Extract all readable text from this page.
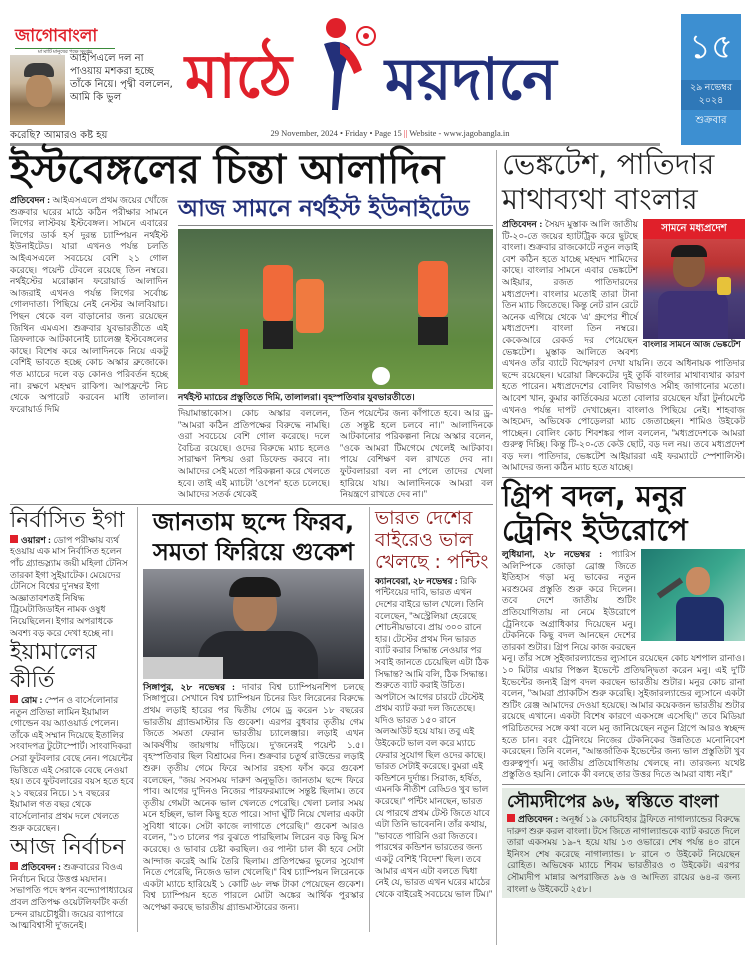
জাগোবাংলা
মা মাটি মানুষের পক্ষে সংবাদ
আইপিএলে দল না পাওয়ায় মশকরা হচ্ছে তাঁকে নিয়ে। পৃথ্বী বললেন, আমি কি ভুল
করেছি? আমারও কষ্ট হয়
মাঠে ময়দানে
29 November, 2024 • Friday • Page 15 || Website - www.jagobangla.in
১৫
২৯ নভেম্বর ২০২৪
শুক্রবার
ইস্টবেঙ্গলের চিন্তা আলাদিন
প্রতিবেদন : আইএসএলে প্রথম জয়ের খোঁজে শুক্রবার ঘরের মাঠে কঠিন পরীক্ষার সামনে লিগের লাস্টবয় ইস্টবেঙ্গল। সামনে এবারের লিগের ডার্ক হর্স দুরন্ত চ্যাম্পিয়ন নর্থইস্ট ইউনাইটেড। যারা এখনও পর্যন্ত চলতি আইএসএলে সবচেয়ে বেশি ২১ গোল করেছে। পয়েন্ট টেবলে রয়েছে তিন নম্বরে। নর্থইস্টের মরোক্কান ফরোয়ার্ড আলাদিন আজরাই এখনও পর্যন্ত লিগের সর্বোচ্চ গোলদাতা। পিছিয়ে নেই নেস্টর আলবিয়াচ। পিছন থেকে বল বাড়ানোর জন্য রয়েছেন জিথিন এমএস। শুক্রবার যুবভারতীতে এই ত্রিফলাকে আটকানোই চ্যালেঞ্জ ইস্টবেঙ্গলের কাছে। বিশেষ করে আলাদিনকে নিয়ে একটু বেশিই ভাবতে হচ্ছে কোচ অস্কার ব্রুজোকে। গত ম্যাচের দলে বড় কোনও পরিবর্তন হচ্ছে না। রক্ষণে মহম্মদ রাকিপ। আপফ্রন্টে নিচ থেকে অপারেট করবেন মাধি তালাল। ফরোয়ার্ড দিমি
আজ সামনে নর্থইস্ট ইউনাইটেড
নর্থইস্ট ম্যাচের প্রস্তুতিতে দিমি, তালালরা। বৃহস্পতিবার যুবভারতীতে।
দিয়ামান্তাকোস। কোচ অস্কার বললেন, ''আমরা কঠিন প্রতিপক্ষের বিরুদ্ধে নামছি। ওরা সবচেয়ে বেশি গোল করেছে। দলে বৈচিত্র রয়েছে। ওদের বিরুদ্ধে ম্যাচ হলেও সারাক্ষণ নিশ্চয় ওরা ডিফেন্ড করবে না। আমাদের সেই মতো পরিকল্পনা করে খেলতে হবে। তাই এই ম্যাচটা 'ওপেন' হতে চলেছে। আমাদের সতর্ক থেকেই
তিন পয়েন্টের জন্য কাঁপাতে হবে। আর ড্র-তে সন্তুষ্ট হলে চলবে না।'' আলাদিনকে আটকানোর পরিকল্পনা নিয়ে অস্কার বলেন, ''ওকে আমরা টিমগেমে খেলেই আটকাব। পায়ে বেশিক্ষণ বল রাখতে দেব না। ফুটবলাররা বল না পেলে তাদের খেলা হারিয়ে যায়। আলাদিনকে আমরা বল নিয়ন্ত্রণে রাখতে দেব না।''
নির্বাসিত ইগা
ওয়ারশ : ডোপ পরীক্ষায় ব্যর্থ হওয়ায় এক মাস নির্বাসিত হলেন পাঁচ গ্র্যান্ডস্ল্যাম জয়ী মহিলা টেনিস তারকা ইগা সুইয়াটেক। মেয়েদের টেনিসে বিশ্বের দু'নম্বর ইগা অজ্ঞাতাবশতই নিষিদ্ধ ট্রিমেটাজিডাইন নামক ওষুধ নিয়েছিলেন। ইগার অপরাধকে অবশ্য বড় করে দেখা হচ্ছে না।
ইয়ামালের কীর্তি
রোম : স্পেন ও বার্সেলোনার নতুন প্রতিভা লামিন ইয়ামাল গোল্ডেন বয় অ্যাওয়ার্ড পেলেন। তাঁকে এই সম্মান দিয়েছে ইতালির সংবাদপত্র টুটোস্পোর্ট। সাংবাদিকরা সেরা ফুটবলার বেছে নেন। পয়েন্টের ভিত্তিতে এই সেরাকে বেছে নেওয়া হয়। তবে ফুটবলারের বয়স হতে হবে ২১ বছরের নিচে। ১৭ বছরের ইয়ামাল গত বছর থেকে বার্সেলোনার প্রথম দলে খেলতে শুরু করেছেন।
আজ নির্বাচন
প্রতিবেদন : শুক্রবারের বিওএ নির্বাচন ঘিরে উত্তপ্ত ময়দান। সভাপতি পদে স্বপন বন্দ্যোপাধ্যায়ের প্রবল প্রতিপক্ষ ওয়েটলিফটিং কর্তা চন্দন রায়চৌধুরী। জয়ের ব্যাপারে আত্মবিশ্বাসী দু'জনেই।
জানতাম ছন্দে ফিরব, সমতা ফিরিয়ে গুকেশ
সিঙ্গাপুর, ২৮ নভেম্বর : দাবার বিশ্ব চ্যাম্পিয়নশিপ চলছে সিঙ্গাপুরে। সেখানে বিশ্ব চ্যাম্পিয়ন চিনের ডিং লিরেনের বিরুদ্ধে প্রথম লড়াই হারের পর দ্বিতীয় গেমে ড্র করেন ১৮ বছরের ভারতীয় গ্র্যান্ডমাস্টার ডি গুকেশ। এরপর বুধবার তৃতীয় গেম জিতে সমতা ফেরান ভারতীয় চ্যালেঞ্জার। লড়াই এখন আকর্ষণীয় জায়গায় দাঁড়িয়ে। দু'জনেরই পয়েন্ট ১.৫। বৃহস্পতিবার ছিল বিশ্রামের দিন। শুক্রবার চতুর্থ রাউন্ডের লড়াই শুরু। তৃতীয় গেমে ফিরে আসার রহস্য ফাঁস করে গুকেশ বলেছেন, ''জয় সবসময় দারুণ অনুভূতি। জানতাম ছন্দে ফিরে পাব। আগের দু'দিনও নিজের পারফরম্যান্সে সন্তুষ্ট ছিলাম। তবে তৃতীয় গেমটা অনেক ভাল খেলতে পেরেছি। খেলা চলার সময় মনে হচ্ছিল, ভাল কিছু হতে পারে। সাদা ঘুঁটি নিয়ে খেলার একটা সুবিধা থাকে। সেটা কাজে লাগাতে পেরেছি।'' গুকেশ আরও বলেন, ''১৩ চালের পর বুঝতে পারছিলাম লিরেন বড় কিছু মিস করেছে। ও ভাবার চেষ্টা করছিল। ওর পাল্টা চাল কী হবে সেটা আন্দাজ করেই আমি তৈরি ছিলাম। প্রতিপক্ষের ভুলের সুযোগ নিতে পেরেছি, নিজেও ভাল খেলেছি।'' বিশ্ব চ্যাম্পিয়ন লিরেনকে একটা ম্যাচে হারিয়েই ১ কোটি ৬৮ লক্ষ টাকা পেয়েছেন গুকেশ। বিশ্ব চ্যাম্পিয়ন হতে পারলে মোটা অঙ্কের আর্থিক পুরস্কার অপেক্ষা করছে ভারতীয় গ্র্যান্ডমাস্টারের জন্য।
ভারত দেশের বাইরেও ভাল খেলছে : পন্টিং
ক্যানবেরা, ২৮ নভেম্বর : রিকি পন্টিংয়ের দাবি, ভারত এখন দেশের বাইরে ভাল খেলে। তিনি বলেছেন, ''অস্ট্রেলিয়া হেরেছে শোচনীয়ভাবে। প্রায় ৩০০ রানে হার। টেস্টের প্রথম দিন ভারত ব্যাট করার সিদ্ধান্ত নেওয়ার পর সবাই জানতে চেয়েছিল এটা ঠিক সিদ্ধান্ত? আমি বলি, ঠিক সিদ্ধান্ত। শুরুতে ব্যাট করাই উচিত। অপটাসে আগের চারটে টেস্টেই প্রথম ব্যাট করা দল জিতেছে। যদিও ভারত ১৫০ রানে অলআউট হয়ে যায়। তবু এই উইকেটে ভাল বল করে ম্যাচে ফেরার সুযোগ ছিল ওদের কাছে। ভারত সেটাই করেছে। বুমরা এই কন্ডিশনে দুর্দান্ত। সিরাজ, হর্ষিত, এমনকি নীতীশ রেড্ডিও খুব ভাল করেছে।'' পন্টিং মানছেন, ভারত যে পারথে প্রথম টেস্ট জিতে যাবে এটা তিনি ভাবেননি। তাঁর কথায়, ''ভাবতে পারিনি ওরা জিতবে। পারথের কন্ডিশন ভারতের জন্য একটু বেশিই 'বিদেশ' ছিল। তবে আমার এখন এটা বলতে দ্বিধা নেই যে, ভারত এখন ঘরের মাঠের থেকে বাইরেই সবচেয়ে ভাল টিম।''
ভেঙ্কটেশ, পাতিদার মাথাব্যথা বাংলার
সামনে মধ্যপ্রদেশ
বাংলার সামনে আজ ভেঙ্কটেশ
প্রতিবেদন : সৈয়দ মুস্তাক আলি জাতীয় টি-২০-তে জয়ের হ্যাটট্রিক করে ছুটছে বাংলা। শুক্রবার রাজকোটে নতুন লড়াই বেশ কঠিন হতে যাচ্ছে মহম্মদ শামিদের কাছে। বাংলার সামনে এবার ভেঙ্কটেশ আইয়ার, রজত পাতিদারদের মধ্যপ্রদেশ। বাংলার মতোই তারা টানা তিন ম্যাচ জিতেছে। কিন্তু নেট রান রেটে অনেক এগিয়ে থেকে 'এ' গ্রুপের শীর্ষে মধ্যপ্রদেশ। বাংলা তিন নম্বরে। কেকেআরে রেকর্ড দর পেয়েছেন ভেঙ্কটেশ। মুস্তাক আলিতে অবশ্য এখনও তাঁর ব্যাটে বিস্ফোরণ দেখা যায়নি। তবে অধিনায়ক পাতিদার ছন্দে রয়েছেন। ঘরোয়া ক্রিকেটের দুই তুর্কি বাংলার মাথাব্যথার কারণ হতে পারেন। মধ্যপ্রদেশের বোলিং বিভাগও সমীহ জাগানোর মতো। আবেশ খান, কুমার কার্তিকেয়র মতো বোলার রয়েছেন যাঁরা টুর্নামেন্টে এখনও পর্যন্ত দাপট দেখাচ্ছেন। বাংলাও পিছিয়ে নেই। শাহবাজ আহমেদ, অভিষেক পোড়েলরা ম্যাচ জেতাচ্ছেন। শামিও উইকেট পাচ্ছেন। বোলিং কোচ শিবশঙ্কর পাল বললেন, ''মধ্যপ্রদেশকে আমরা গুরুত্ব দিচ্ছি। কিন্তু টি-২০-তে কেউ ছোট, বড় দল নয়। তবে মধ্যপ্রদেশ বড় দল। পাতিদার, ভেঙ্কটেশ আইয়াররা এই ফরম্যাটে স্পেশালিস্ট। আমাদের জন্য কঠিন ম্যাচ হতে যাচ্ছে।
গ্রিপ বদল, মনুর ট্রেনিং ইউরোপে
লুধিয়ানা, ২৮ নভেম্বর : প্যারিস অলিম্পিকে জোড়া ব্রোঞ্জ জিতে ইতিহাস গড়া মনু ভাকের নতুন মরশুমের প্রস্তুতি শুরু করে দিলেন। তবে দেশে জাতীয় শুটিং প্রতিযোগিতায় না নেমে ইউরোপে ট্রেনিংকে অগ্রাধিকার দিয়েছেন মনু। টেকনিকে কিছু বদল আনছেন দেশের তারকা শুটার। গ্রিপ নিয়ে কাজ করছেন মনু। তাঁর সঙ্গে সুইজারল্যান্ডের ল্যুসানে রয়েছেন কোচ যশপাল রানাও। ১০ মিটার এয়ার পিস্তল ইভেন্টে প্রতিদ্বন্দ্বিতা করেন মনু। এই দু'টি ইভেন্টের জন্যই গ্রিপ বদল করছেন ভারতীয় শুটার। মনুর কোচ রানা বলেন, ''আমরা প্র্যাকটিস শুরু করেছি। সুইজারল্যান্ডের ল্যুসানে একটা শুটিং রেঞ্জ আমাদের দেওয়া হয়েছে। আমার কয়েকজন ভারতীয় শুটার রয়েছে এখানে। একটা বিশেষ কারণে একসঙ্গে এসেছি।'' তবে মিডিয়া পরিচিতদের সঙ্গে কথা বলে মনু জানিয়েছেন নতুন গ্রিপে আরও স্বচ্ছন্দ হতে চান। বরং ট্রেনিংয়ে নিজের টেকনিকের উন্নতিতে মনোনিবেশ করেছেন। তিনি বলেন, ''আন্তর্জাতিক ইভেন্টের জন্য ভাল প্রস্তুতিটা খুব গুরুত্বপূর্ণ। মনু জাতীয় প্রতিযোগিতায় খেলছে না। তারজন্য যথেষ্ট প্রস্তুতিও হয়নি। লোকে কী বলছে তার উত্তর দিতে আমরা বাধ্য নই।''
সৌম্যদীপের ৯৬, স্বস্তিতে বাংলা
প্রতিবেদন : অনূর্ধ্ব ১৯ কোচবিহার ট্রফিতে নাগাল্যান্ডের বিরুদ্ধে দারুণ শুরু করল বাংলা। টসে জিতে নাগাল্যান্ডকে ব্যাট করতে দিলে তারা একসময় ১৯-৭ হয়ে যায় ১৩ ওভারে। শেষ পর্যন্ত ৪০ রানে ইনিংস শেষ করেছে নাগাল্যান্ড। ৮ রানে ৩ উইকেট নিয়েছেন রোহিত। অভিষেক ম্যাচে শিবম ভারতীরও ৩ উইকেট। এরপর সৌম্যদীপ মান্নার অপরাজিত ৯৬ ও আদিত্য রায়ের ৬৪-র জন্য বাংলা ৬ উইকেটে ২৫৮।
